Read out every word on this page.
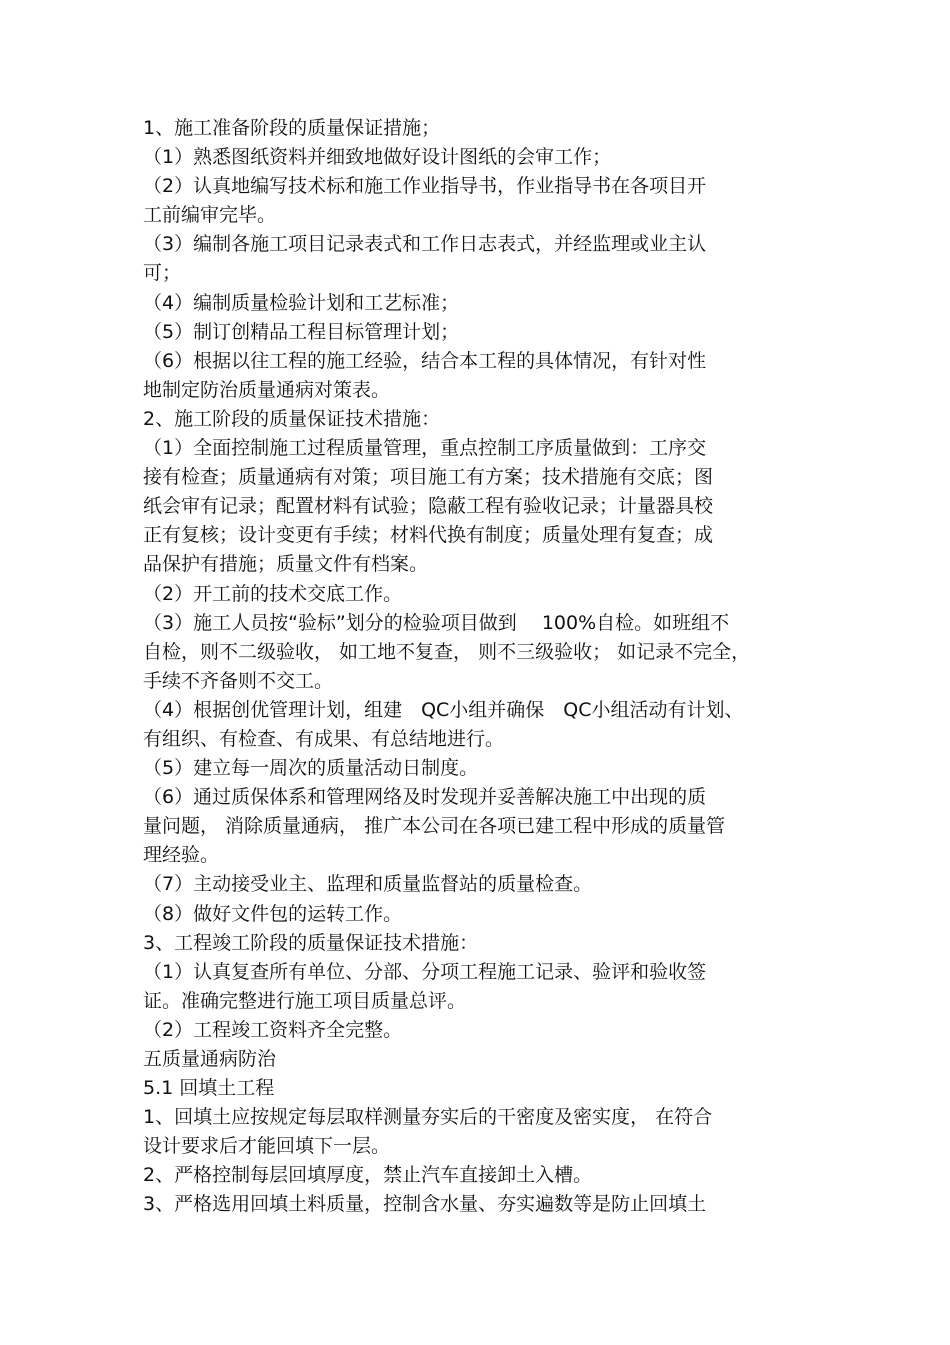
1、施工准备阶段的质量保证措施；
（1）熟悉图纸资料并细致地做好设计图纸的会审工作；
（2）认真地编写技术标和施工作业指导书，作业指导书在各项目开
工前编审完毕。
（3）编制各施工项目记录表式和工作日志表式，并经监理或业主认
可；
（4）编制质量检验计划和工艺标准；
（5）制订创精品工程目标管理计划；
（6）根据以往工程的施工经验，结合本工程的具体情况，有针对性
地制定防治质量通病对策表。
2、施工阶段的质量保证技术措施：
（1）全面控制施工过程质量管理，重点控制工序质量做到：工序交
接有检查；质量通病有对策；项目施工有方案；技术措施有交底；图
纸会审有记录；配置材料有试验；隐蔽工程有验收记录；计量器具校
正有复核；设计变更有手续；材料代换有制度；质量处理有复查；成
品保护有措施；质量文件有档案。
（2）开工前的技术交底工作。
（3）施工人员按“验标”划分的检验项目做到　 100%自检。如班组不
自检，则不二级验收， 如工地不复查， 则不三级验收； 如记录不完全，
手续不齐备则不交工。
（4）根据创优管理计划，组建　QC小组并确保　QC小组活动有计划、
有组织、有检查、有成果、有总结地进行。
（5）建立每一周次的质量活动日制度。
（6）通过质保体系和管理网络及时发现并妥善解决施工中出现的质
量问题， 消除质量通病， 推广本公司在各项已建工程中形成的质量管
理经验。
（7）主动接受业主、监理和质量监督站的质量检查。
（8）做好文件包的运转工作。
3、工程竣工阶段的质量保证技术措施：
（1）认真复查所有单位、分部、分项工程施工记录、验评和验收签
证。准确完整进行施工项目质量总评。
（2）工程竣工资料齐全完整。
五质量通病防治
5.1 回填土工程
1、回填土应按规定每层取样测量夯实后的干密度及密实度， 在符合
设计要求后才能回填下一层。
2、严格控制每层回填厚度，禁止汽车直接卸土入槽。
3、严格选用回填土料质量，控制含水量、夯实遍数等是防止回填土
